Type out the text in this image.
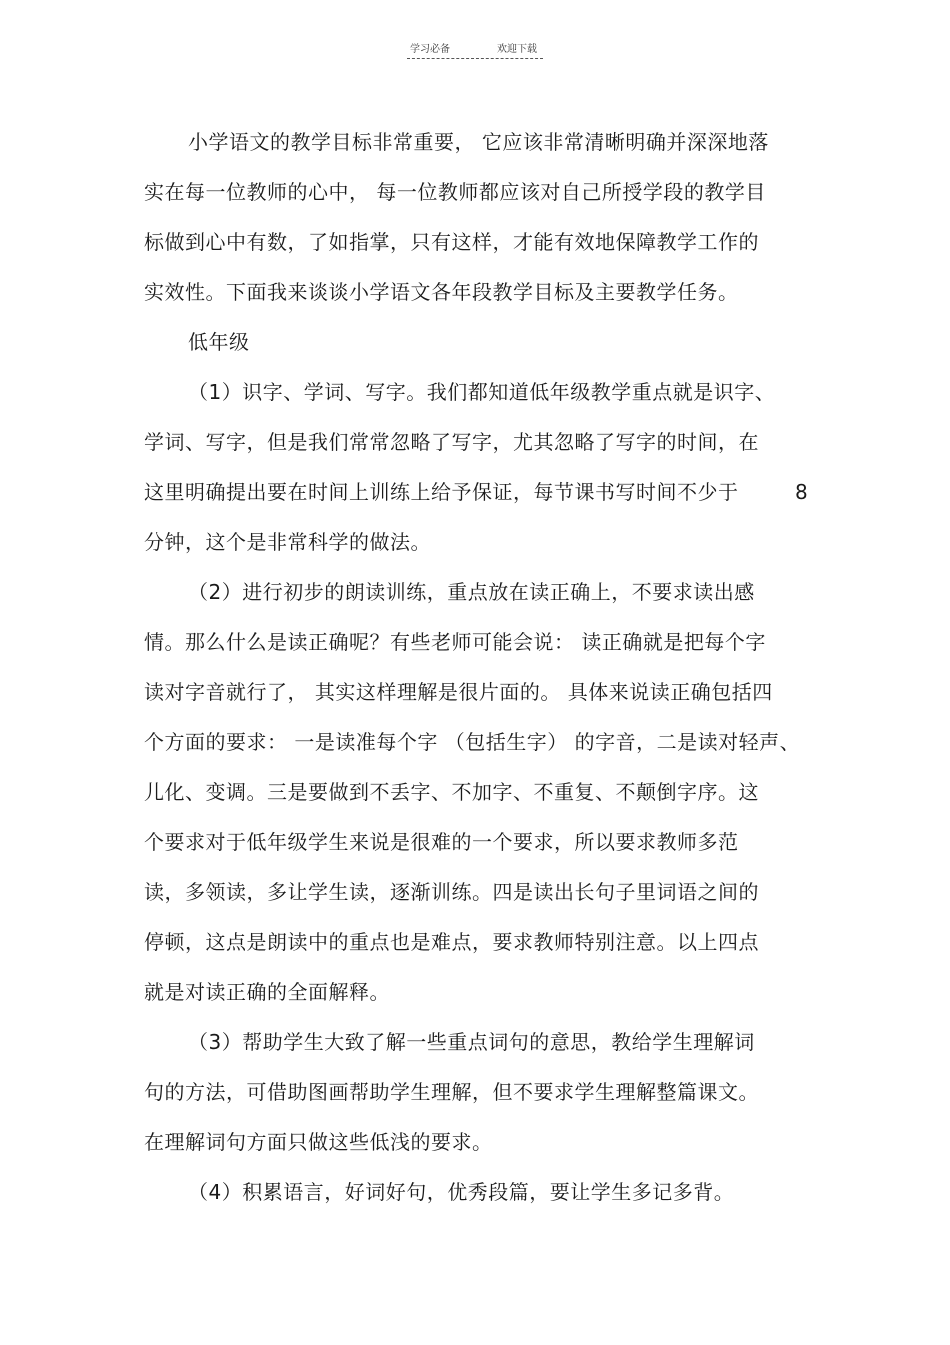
学习必备	欢迎下载
小学语文的教学目标非常重要， 它应该非常清晰明确并深深地落
实在每一位教师的心中， 每一位教师都应该对自己所授学段的教学目
标做到心中有数，了如指掌，只有这样，才能有效地保障教学工作的
实效性。下面我来谈谈小学语文各年段教学目标及主要教学任务。
低年级
（1）识字、学词、写字。我们都知道低年级教学重点就是识字、
学词、写字，但是我们常常忽略了写字，尤其忽略了写字的时间，在
这里明确提出要在时间上训练上给予保证，每节课书写时间不少于	8
分钟，这个是非常科学的做法。
（2）进行初步的朗读训练，重点放在读正确上，不要求读出感
情。那么什么是读正确呢？有些老师可能会说： 读正确就是把每个字
读对字音就行了， 其实这样理解是很片面的。 具体来说读正确包括四
个方面的要求： 一是读准每个字 （包括生字） 的字音，二是读对轻声、
儿化、变调。三是要做到不丢字、不加字、不重复、不颠倒字序。这
个要求对于低年级学生来说是很难的一个要求，所以要求教师多范
读，多领读，多让学生读，逐渐训练。四是读出长句子里词语之间的
停顿，这点是朗读中的重点也是难点，要求教师特别注意。以上四点
就是对读正确的全面解释。
（3）帮助学生大致了解一些重点词句的意思，教给学生理解词
句的方法，可借助图画帮助学生理解，但不要求学生理解整篇课文。
在理解词句方面只做这些低浅的要求。
（4）积累语言，好词好句，优秀段篇，要让学生多记多背。
